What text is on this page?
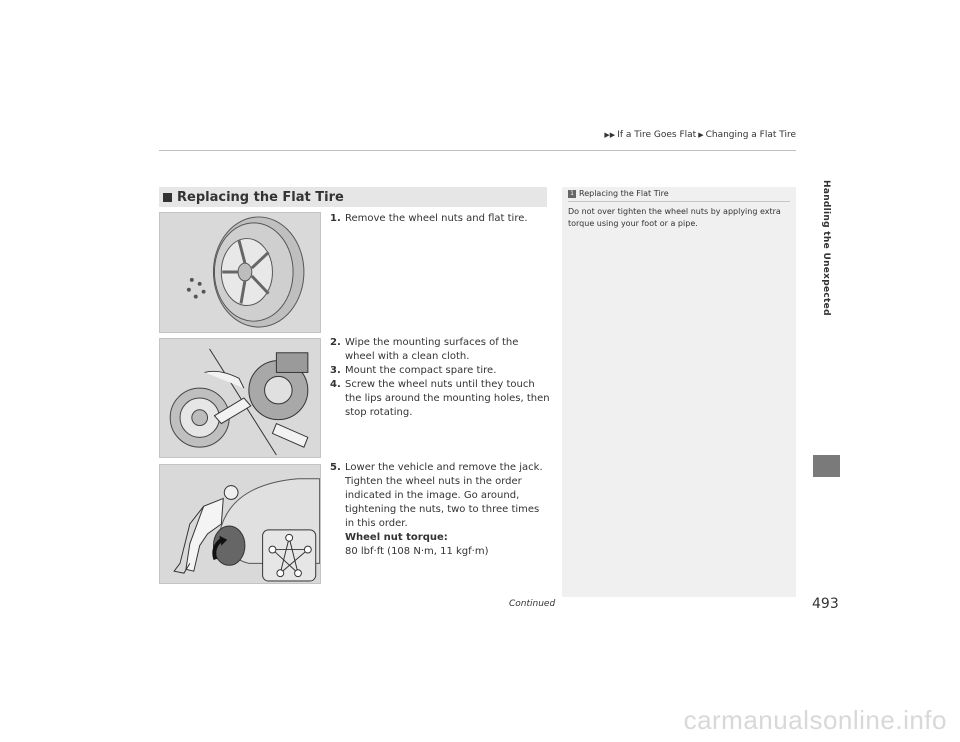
▶▶ If a Tire Goes Flat ▶ Changing a Flat Tire
Handling the Unexpected
Replacing the Flat Tire
1. Remove the wheel nuts and flat tire.
2. Wipe the mounting surfaces of the wheel with a clean cloth.
3. Mount the compact spare tire.
4. Screw the wheel nuts until they touch the lips around the mounting holes, then stop rotating.
5. Lower the vehicle and remove the jack. Tighten the wheel nuts in the order indicated in the image. Go around, tightening the nuts, two to three times in this order.
Wheel nut torque:
80 lbf·ft (108 N·m, 11 kgf·m)
1 Replacing the Flat Tire
Do not over tighten the wheel nuts by applying extra torque using your foot or a pipe.
Continued	493
carmanualsonline.info
